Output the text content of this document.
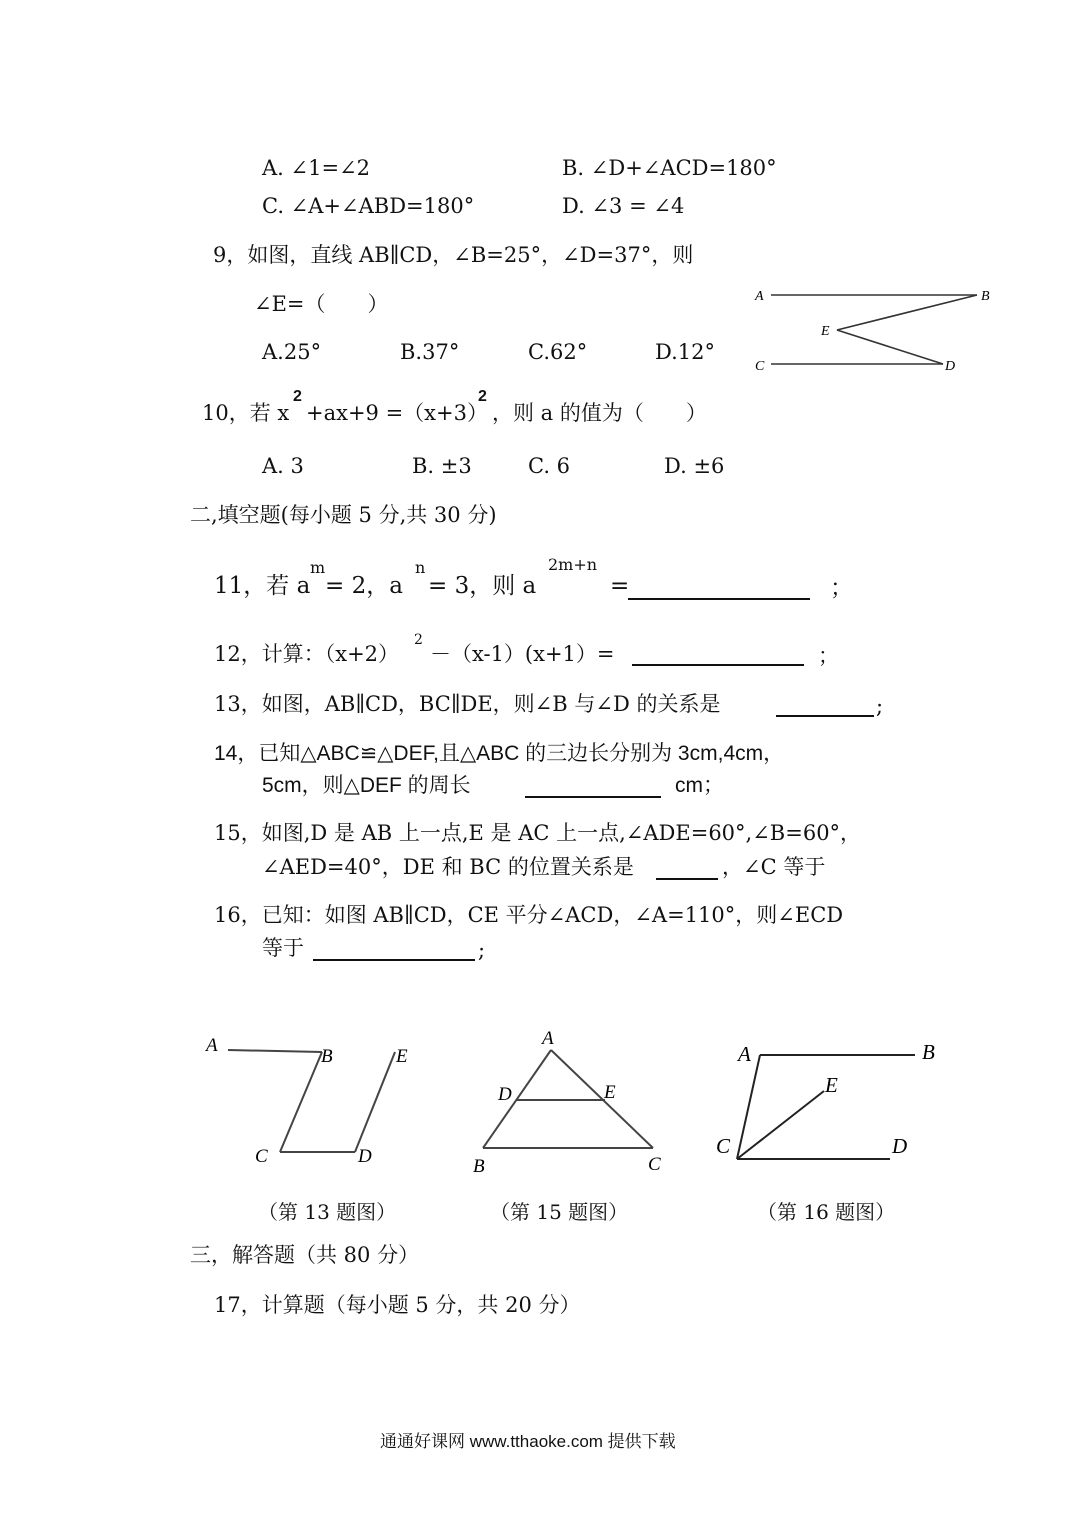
A. ∠1=∠2	B. ∠D+∠ACD=180°
C. ∠A+∠ABD=180°	D. ∠3 = ∠4
9，如图，直线 AB∥CD，∠B=25°，∠D=37°，则
∠E=（　　）
A.25°	B.37°	C.62°	D.12°
A	B
E
C	D
10，若 x
2
+ax+9 =（x+3）
2
，则 a 的值为（　　）
A. 3	B. ±3	C. 6	D. ±6
二,填空题(每小题 5 分,共 30 分)
11，若 a
m
= 2，a
n
= 3，则 a
2m+n
=	；
12，计算：（x+2）
2
－（x-1）(x+1）=	；
13，如图，AB∥CD，BC∥DE，则∠B 与∠D 的关系是	;
14，已知△ABC≌△DEF,且△ABC 的三边长分别为 3cm,4cm，
5cm，则△DEF 的周长	cm；
15，如图,D 是 AB 上一点,E 是 AC 上一点,∠ADE=60°,∠B=60°，
∠AED=40°，DE 和 BC 的位置关系是	，∠C 等于
16，已知：如图 AB∥CD，CE 平分∠ACD，∠A=110°，则∠ECD
等于	;
A
B	E
C	D
（第 13 题图）
A
D	E
B	C
（第 15 题图）
A	B
E
C	D
（第 16 题图）
三，解答题（共 80 分）
17，计算题（每小题 5 分，共 20 分）
通通好课网 www.tthaoke.com 提供下载
